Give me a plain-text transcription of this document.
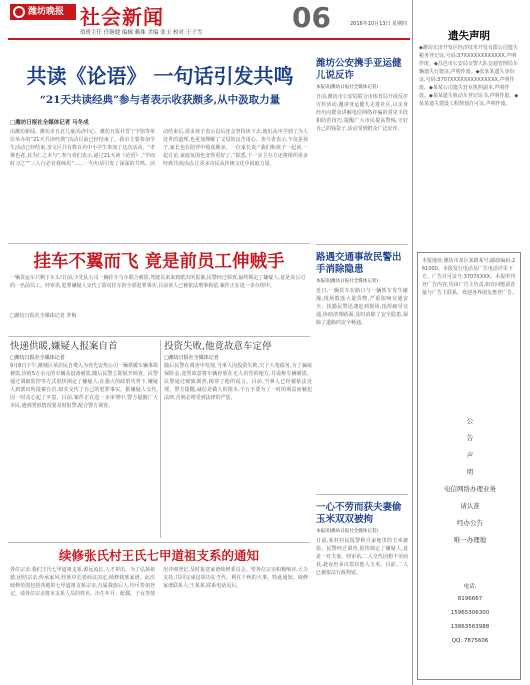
潍坊晚报 社会新闻	06	2016年10月13日 星期四
值班主任 任继健 编辑 赖珠 美编 张玉 校对 王子雪
共读《论语》 一句话引发共鸣
“21天共读经典”参与者表示收获颇多,从中汲取力量
□潍坊日报社全媒体记者 马冬成
由潍坊新闻、潍坊市日北儿童活动中心、潍坊日报社晋宁字馆等单位举办的“21天共读经典”活动目前已经结束了。我市主要参加学生活动已经结束,奎文区共有数百名中小学生参加了这次活动。“孝梯也者,其为仁之本与”,参与者们表示,通过21天读《论语》,“学而时习之”“三人行必有我师焉”……一句句话引发了深深的共鸣。活动结束后,很多孩子表示以后还会坚持读下去,他们从中学到了为人处世的道理,也更加理解了父母的良苦用心。参与者表示,不仅是孩子,家长也在陪伴中收获颇多。一位家长说:“我们和孩子一起读,一起讨论,家庭氛围也变得更好了。”据悉,下一步主办方还将组织更多经典共读活动,让更多市民从传统文化中汲取力量。
挂车不翼而飞 竟是前员工伸贼手
一辆货运车只剩下车头!日前,少先队公司一辆挂车与车联合被盗,驾驶员来来到派出所报案,民警经过调查,最终锁定了嫌疑人,竟是该公司的一名前员工。经审讯,犯罪嫌疑人交代了盗窃挂车的全部犯罪事实,目前该人已被依法刑事拘留,案件正在进一步办理中。
□潍坊日报社全媒体记者 罗梅
快递供暖,嫌疑人报案自首
□潍坊日报社全媒体记者
9月8日下午,潍城区某居民自费入为充先安热公司一辆供暖车辆事故被盗,价值5万余元的车辆及设备被盗,随后民警立即展开调查。民警通过调取监控等方式很快锁定了嫌疑人,在强大的政策攻势下,嫌疑人到派出所投案自首,如实交代了自己的犯罪事实。据嫌疑人交代,因一时贪心起了歹意。目前,案件正在进一步审理中,警方提醒广大市民,遇到类似情况要及时报警,配合警方调查。
投资失败,他竟故意车定停
□潍坊日报社全媒体记者
随后民警在调查中发现,当事人因投资失败,欠下大笔债务,为了骗取保险金,竟然故意将车辆停放在无人看管的地方,并谎称车辆被盗。民警通过细致调查,揭穿了他的谎言。目前,当事人已经被依法处理。警方提醒,诚信是做人的根本,千万不要为了一时的利益而触犯法律,否则必将受到法律的严惩。
续修张氏村王氏七甲道祖支系的通知
各位宗亲:我们王氏七甲道祖支系,源远流长,人才辈出。为了弘扬祖德,团结宗亲,传承家风,经族中长者商议决定,续修我族家谱。此次续修范围包括各地的七甲道祖支系宗亲,凡属我族后人,均可参加登记。请各位宗亲将本支系人员的姓名、出生年月、配偶、子女等情况详细登记,及时报送家谱续修委员会。望各位宗亲积极响应,大力支持,共同完成这项功在当代、利在千秋的大事。特此通知。续修家谱联系人:王某某,联系电话见后。
潍坊公安携手亚运健儿说反诈
本报讯(潍坊日报社全媒体记者)
日前,潍坊市公安局联合市体育局开展反诈宣传活动,邀请亚运健儿走进社区,以亲身经历向群众讲解电信网络诈骗的常见手段和防范技巧,提醒广大市民提高警惕,守好自己的钱袋子,活动受到群众广泛好评。
路遇交通事故民警出手消除隐患
本报讯(潍坊日报社全媒体记者)
近日,一辆货车在路口与一辆轿车发生碰撞,现场散落大量货物,严重影响交通安全。执勤民警迅速赶到现场,指挥疏导交通,协助清理路面,及时消除了安全隐患,保障了道路的安全畅通。
一心不劳而获夫妻偷玉米双双被拘
本报讯(潍坊日报社全媒体记者)
日前,某村村民报警称自家地里的玉米被盗。民警经过调查,很快锁定了嫌疑人,竟是一对夫妻。经审讯,二人交代因想不劳而获,趁夜色多次盗窃他人玉米。目前,二人已被依法行政拘留。
遗失声明
◆潍坊宏济开发区经济技术开发有限公司遗失税务登记证,号码:37XXXXXXXXXXXX,声明作废。◆昌邑市公安局交警大队交通管理局车辆遗失行驶证,声明作废。◆张某某遗失身份证,号码:3707XXXXXXXXXXXXXX,声明作废。◆某某公司遗失营业执照副本,声明作废。◆某某遗失机动车登记证书,声明作废。◆某某遗失建设工程规划许可证,声明作废。
本报地址:潍坊市某区某路某号,邮政编码:261000。本报发行电话及广告电话详见下方。广告许可证号:3707XXXX。本报所刊登广告内容,均由广告主负责,如有问题请直接与广告主联系。欢迎各界朋友惠登广告。
公
告
声
明
电信网络办理业务
请认准
经办公告
唯一办理地
电话:
8196667
15965306300
13863563988
QQ: 7875606
